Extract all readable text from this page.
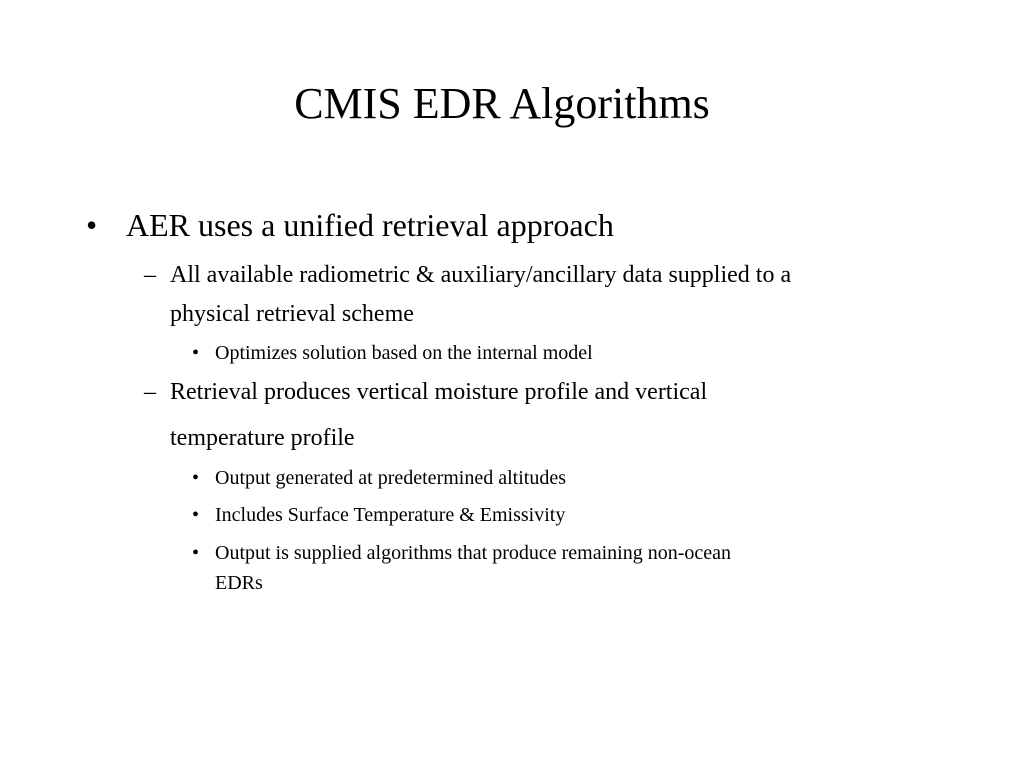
CMIS EDR Algorithms
• AER uses a unified retrieval approach
– All available radiometric & auxiliary/ancillary data supplied to a
physical retrieval scheme
• Optimizes solution based on the internal model
– Retrieval produces vertical moisture profile and vertical
temperature profile
• Output generated at predetermined altitudes
• Includes Surface Temperature & Emissivity
• Output is supplied algorithms that produce remaining non-ocean
EDRs
